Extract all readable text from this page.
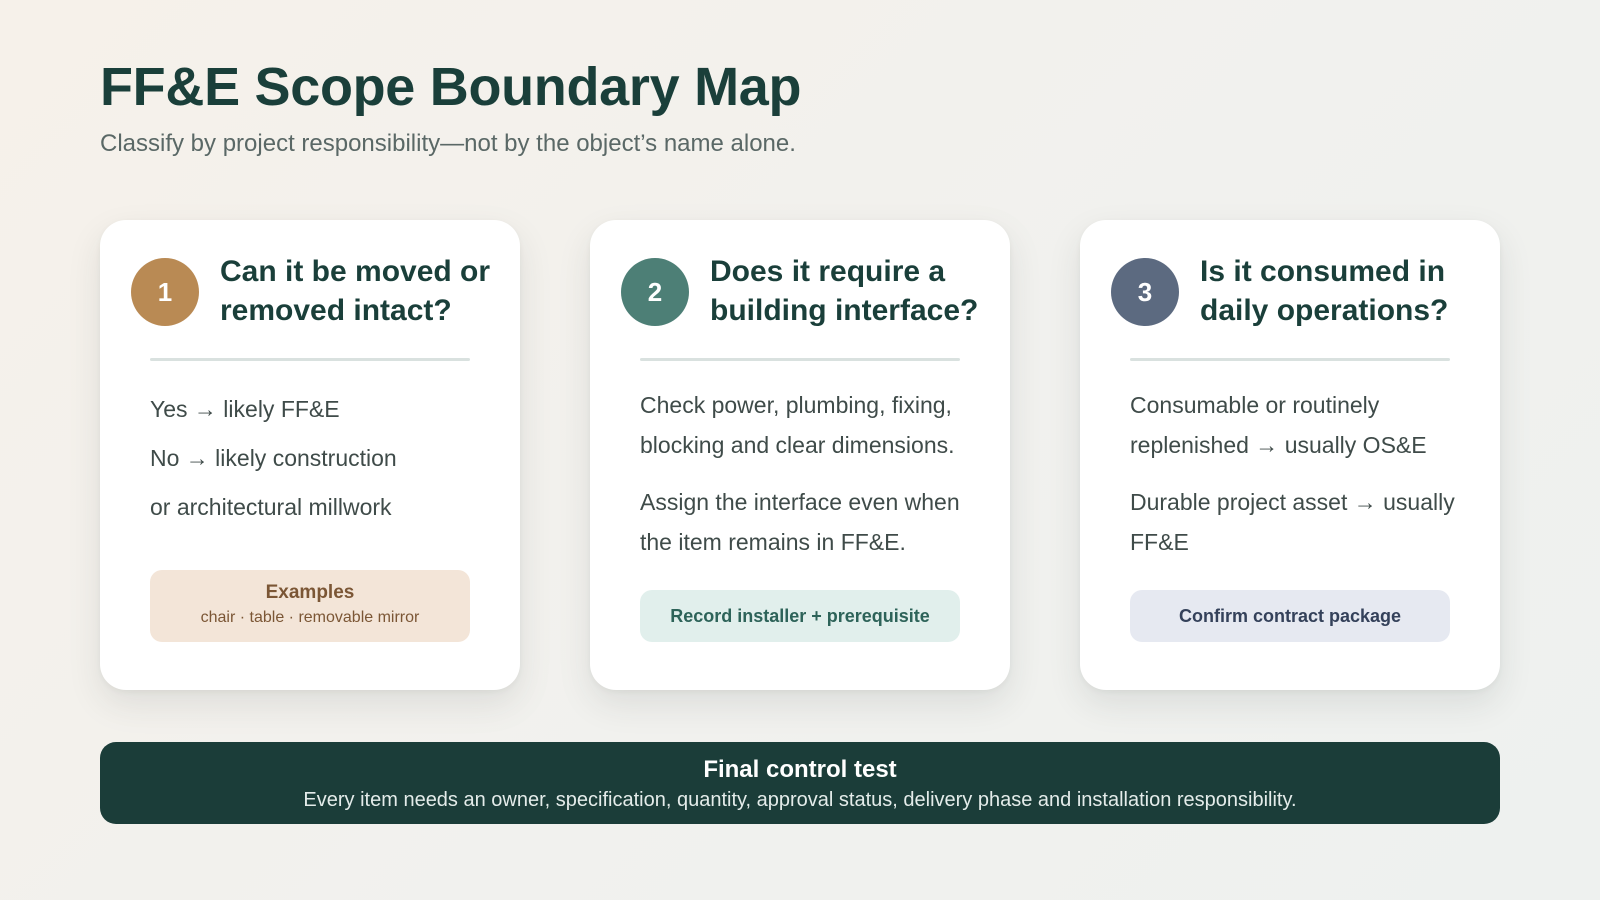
FF&E Scope Boundary Map
Classify by project responsibility—not by the object’s name alone.
1
Can it be moved or removed intact?

Yes → likely FF&E

No → likely construction

or architectural millwork

Examples
chair · table · removable mirror
2
Does it require a building interface?

Check power, plumbing, fixing, blocking and clear dimensions.

Assign the interface even when the item remains in FF&E.

Record installer + prerequisite
3
Is it consumed in daily operations?

Consumable or routinely replenished → usually OS&E

Durable project asset → usually FF&E

Confirm contract package
Final control test
Every item needs an owner, specification, quantity, approval status, delivery phase and installation responsibility.
